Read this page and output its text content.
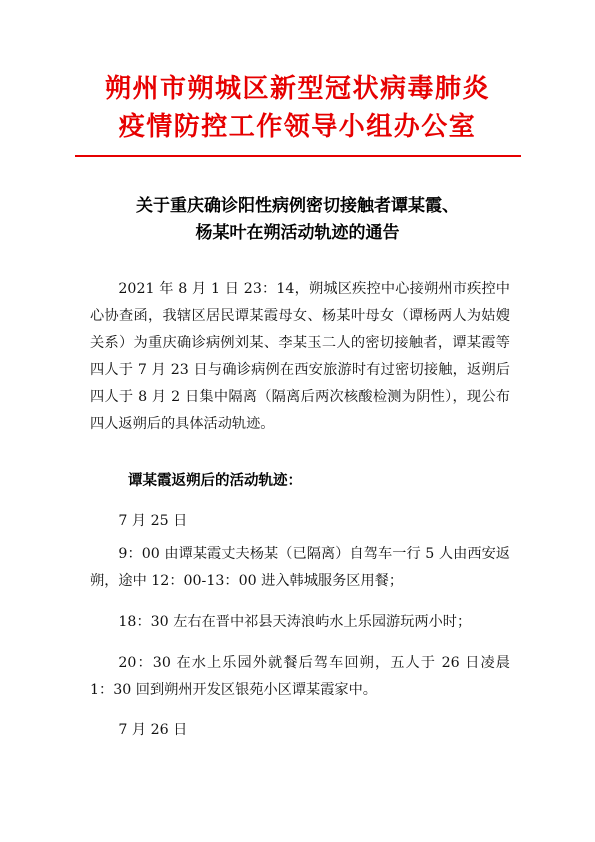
朔州市朔城区新型冠状病毒肺炎
疫情防控工作领导小组办公室
关于重庆确诊阳性病例密切接触者谭某霞、
杨某叶在朔活动轨迹的通告
2021 年 8 月 1 日 23：14，朔城区疾控中心接朔州市疾控中心协查函，我辖区居民谭某霞母女、杨某叶母女（谭杨两人为姑嫂关系）为重庆确诊病例刘某、李某玉二人的密切接触者，谭某霞等四人于 7 月 23 日与确诊病例在西安旅游时有过密切接触，返朔后四人于 8 月 2 日集中隔离（隔离后两次核酸检测为阴性），现公布四人返朔后的具体活动轨迹。
谭某霞返朔后的活动轨迹：
7 月 25 日
9：00 由谭某霞丈夫杨某（已隔离）自驾车一行 5 人由西安返朔，途中 12：00-13：00 进入韩城服务区用餐；
18：30 左右在晋中祁县天涛浪屿水上乐园游玩两小时；
20：30 在水上乐园外就餐后驾车回朔，五人于 26 日凌晨 1：30 回到朔州开发区银苑小区谭某霞家中。
7 月 26 日
